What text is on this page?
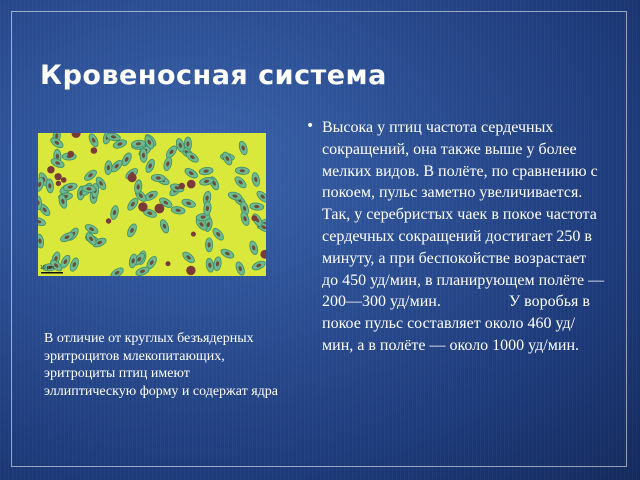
Кровеносная система
10 µm
В отличие от круглых безъядерных эритроцитов млекопитающих, эритроциты птиц имеют эллиптическую форму и содержат ядра
• Высока у птиц частота сердечных сокращений, она также выше у более мелких видов. В полёте, по сравнению с покоем, пульс заметно увеличивается.

Так, у серебристых чаек в покое частота сердечных сокращений достигает 250 в минуту, а при беспокойстве возрастает до 450 уд/мин, в планирующем полёте — 200—300 уд/мин.	У воробья в покое пульс составляет около 460 уд/мин, а в полёте — около 1000 уд/мин.
